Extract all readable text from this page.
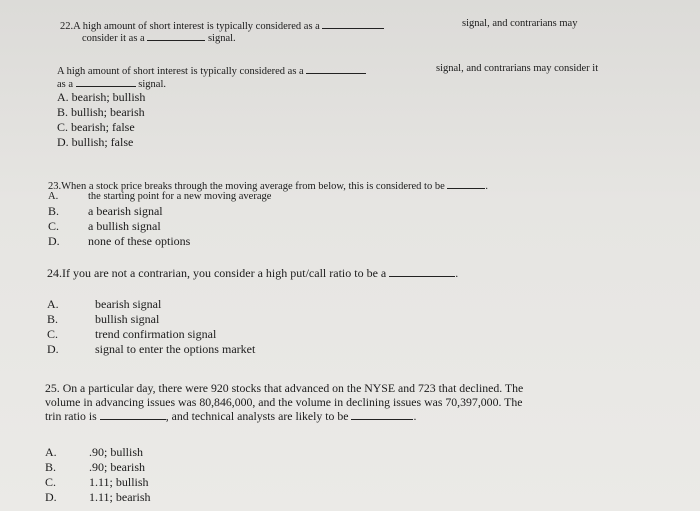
22.A high amount of short interest is typically considered as a	signal, and contrarians may
consider it as a	signal.
A high amount of short interest is typically considered as a	signal, and contrarians may consider it
as a	signal.
A. bearish; bullish
B. bullish; bearish
C. bearish; false
D. bullish; false
23.When a stock price breaks through the moving average from below, this is considered to be	.
A.	the starting point for a new moving average
B. a bearish signal
C. a bullish signal
D. none of these options
24.If you are not a contrarian, you consider a high put/call ratio to be a	.
A.	bearish signal
B.	bullish signal
C.	trend confirmation signal
D.	signal to enter the options market
25. On a particular day, there were 920 stocks that advanced on the NYSE and 723 that declined. The
volume in advancing issues was 80,846,000, and the volume in declining issues was 70,397,000. The
trin ratio is	, and technical analysts are likely to be	.
A.	.90; bullish
B.	.90; bearish
C.	1.11; bullish
D.	1.11; bearish
